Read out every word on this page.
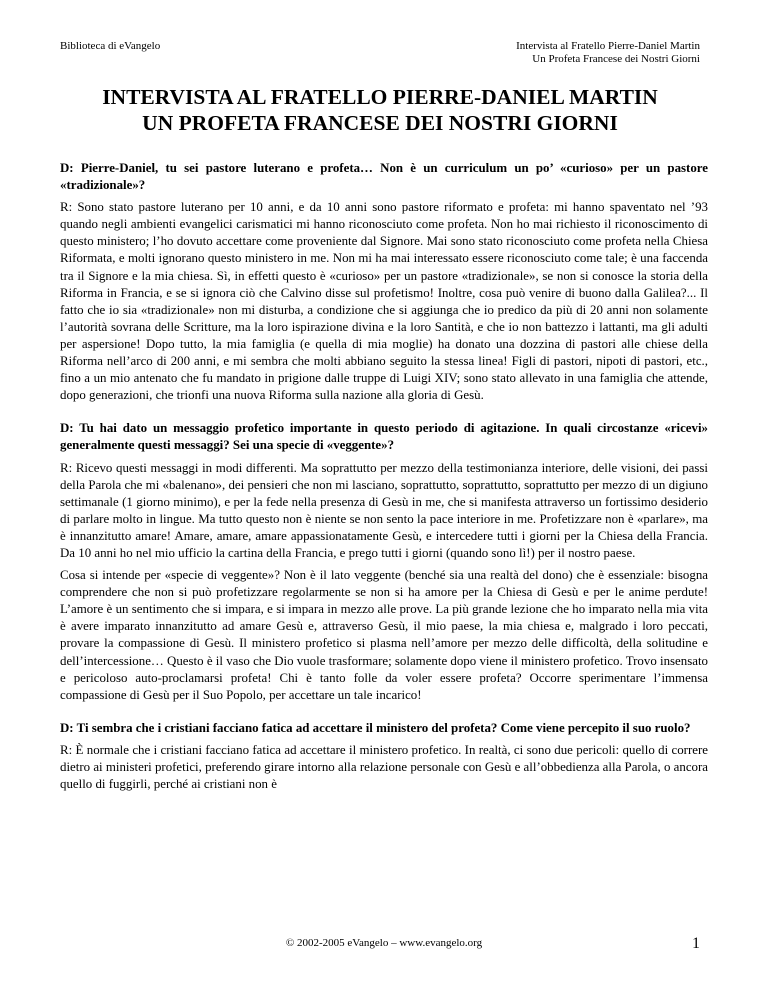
Biblioteca di eVangelo	Intervista al Fratello Pierre-Daniel Martin
Un Profeta Francese dei Nostri Giorni
INTERVISTA AL FRATELLO PIERRE-DANIEL MARTIN
UN PROFETA FRANCESE DEI NOSTRI GIORNI

D: Pierre-Daniel, tu sei pastore luterano e profeta… Non è un curriculum un po’ «curioso» per un pastore «tradizionale»?

R: Sono stato pastore luterano per 10 anni, e da 10 anni sono pastore riformato e profeta: mi hanno spaventato nel ’93 quando negli ambienti evangelici carismatici mi hanno riconosciuto come profeta. Non ho mai richiesto il riconoscimento di questo ministero; l’ho dovuto accettare come proveniente dal Signore. Mai sono stato riconosciuto come profeta nella Chiesa Riformata, e molti ignorano questo ministero in me. Non mi ha mai interessato essere riconosciuto come tale; è una faccenda tra il Signore e la mia chiesa. Sì, in effetti questo è «curioso» per un pastore «tradizionale», se non si conosce la storia della Riforma in Francia, e se si ignora ciò che Calvino disse sul profetismo! Inoltre, cosa può venire di buono dalla Galilea?... Il fatto che io sia «tradizionale» non mi disturba, a condizione che si aggiunga che io predico da più di 20 anni non solamente l’autorità sovrana delle Scritture, ma la loro ispirazione divina e la loro Santità, e che io non battezzo i lattanti, ma gli adulti per aspersione! Dopo tutto, la mia famiglia (e quella di mia moglie) ha donato una dozzina di pastori alle chiese della Riforma nell’arco di 200 anni, e mi sembra che molti abbiano seguito la stessa linea! Figli di pastori, nipoti di pastori, etc., fino a un mio antenato che fu mandato in prigione dalle truppe di Luigi XIV; sono stato allevato in una famiglia che attende, dopo generazioni, che trionfi una nuova Riforma sulla nazione alla gloria di Gesù.

D: Tu hai dato un messaggio profetico importante in questo periodo di agitazione. In quali circostanze «ricevi» generalmente questi messaggi? Sei una specie di «veggente»?

R: Ricevo questi messaggi in modi differenti. Ma soprattutto per mezzo della testimonianza interiore, delle visioni, dei passi della Parola che mi «balenano», dei pensieri che non mi lasciano, soprattutto, soprattutto, soprattutto per mezzo di un digiuno settimanale (1 giorno minimo), e per la fede nella presenza di Gesù in me, che si manifesta attraverso un fortissimo desiderio di parlare molto in lingue. Ma tutto questo non è niente se non sento la pace interiore in me. Profetizzare non è «parlare», ma è innanzitutto amare! Amare, amare, amare appassionatamente Gesù, e intercedere tutti i giorni per la Chiesa della Francia. Da 10 anni ho nel mio ufficio la cartina della Francia, e prego tutti i giorni (quando sono lì!) per il nostro paese.

Cosa si intende per «specie di veggente»? Non è il lato veggente (benché sia una realtà del dono) che è essenziale: bisogna comprendere che non si può profetizzare regolarmente se non si ha amore per la Chiesa di Gesù e per le anime perdute! L’amore è un sentimento che si impara, e si impara in mezzo alle prove. La più grande lezione che ho imparato nella mia vita è avere imparato innanzitutto ad amare Gesù e, attraverso Gesù, il mio paese, la mia chiesa e, malgrado i loro peccati, provare la compassione di Gesù. Il ministero profetico si plasma nell’amore per mezzo delle difficoltà, della solitudine e dell’intercessione… Questo è il vaso che Dio vuole trasformare; solamente dopo viene il ministero profetico. Trovo insensato e pericoloso auto-proclamarsi profeta! Chi è tanto folle da voler essere profeta? Occorre sperimentare l’immensa compassione di Gesù per il Suo Popolo, per accettare un tale incarico!

D: Ti sembra che i cristiani facciano fatica ad accettare il ministero del profeta? Come viene percepito il suo ruolo?

R: È normale che i cristiani facciano fatica ad accettare il ministero profetico. In realtà, ci sono due pericoli: quello di correre dietro ai ministeri profetici, preferendo girare intorno alla relazione personale con Gesù e all’obbedienza alla Parola, o ancora quello di fuggirli, perché ai cristiani non è

© 2002-2005 eVangelo – www.evangelo.org	1
